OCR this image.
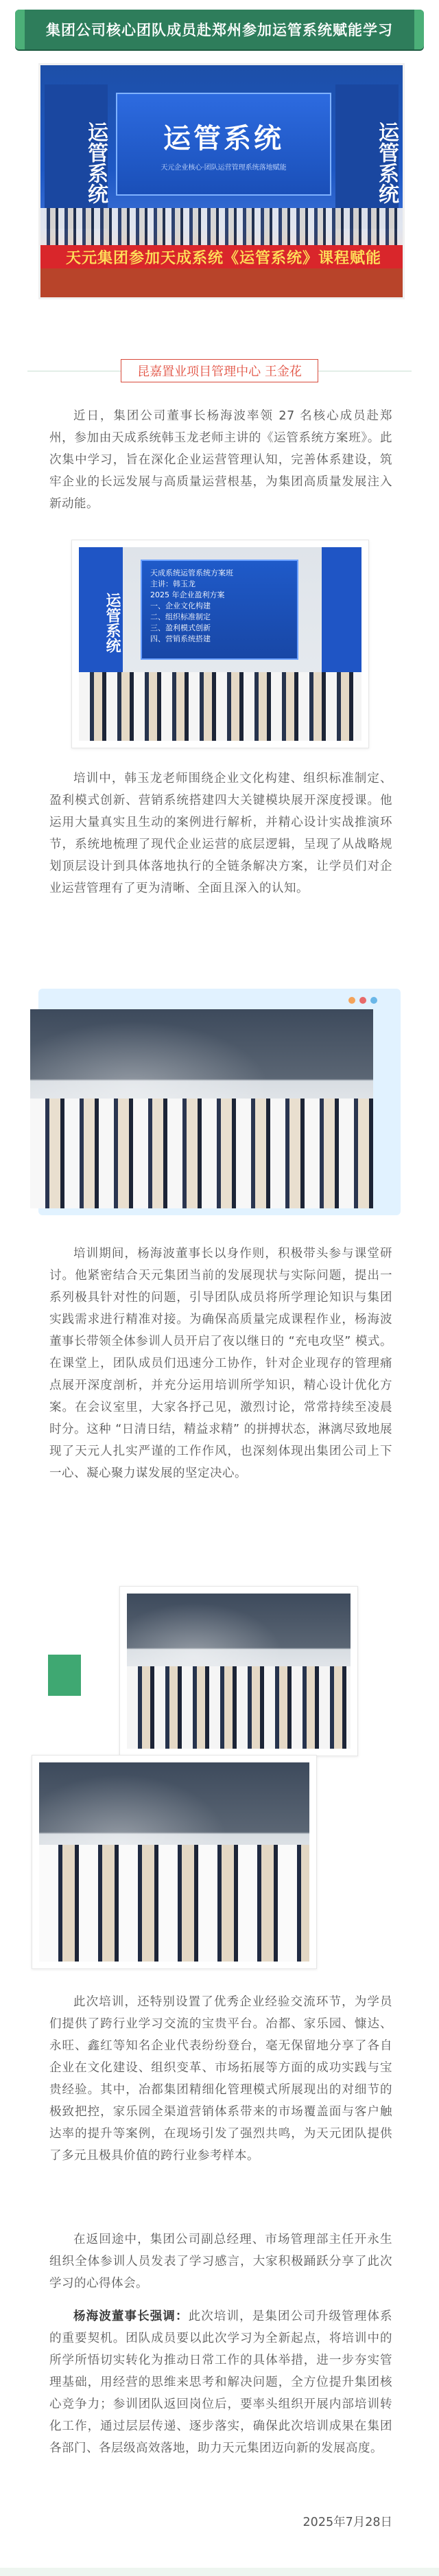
集团公司核心团队成员赴郑州参加运管系统赋能学习
运管系统	运管系统
运管系统
天元企业核心·团队运营管理系统落地赋能
天元集团参加天成系统《运管系统》课程赋能
昆嘉置业项目管理中心 王金花
近日，集团公司董事长杨海波率领 27 名核心成员赴郑州，参加由天成系统韩玉龙老师主讲的《运管系统方案班》。此次集中学习，旨在深化企业运营管理认知，完善体系建设，筑牢企业的长远发展与高质量运营根基，为集团高质量发展注入新动能。
运管系统
天成系统运管系统方案班
主讲：韩玉龙
2025 年企业盈利方案
一、企业文化构建
二、组织标准制定
三、盈利模式创新
四、营销系统搭建
培训中，韩玉龙老师围绕企业文化构建、组织标准制定、盈利模式创新、营销系统搭建四大关键模块展开深度授课。他运用大量真实且生动的案例进行解析，并精心设计实战推演环节，系统地梳理了现代企业运营的底层逻辑，呈现了从战略规划顶层设计到具体落地执行的全链条解决方案，让学员们对企业运营管理有了更为清晰、全面且深入的认知。
培训期间，杨海波董事长以身作则，积极带头参与课堂研讨。他紧密结合天元集团当前的发展现状与实际问题，提出一系列极具针对性的问题，引导团队成员将所学理论知识与集团实践需求进行精准对接。为确保高质量完成课程作业，杨海波董事长带领全体参训人员开启了夜以继日的 “充电攻坚” 模式。在课堂上，团队成员们迅速分工协作，针对企业现存的管理痛点展开深度剖析，并充分运用培训所学知识，精心设计优化方案。在会议室里，大家各抒己见，激烈讨论，常常持续至凌晨时分。这种 “日清日结，精益求精” 的拼搏状态，淋漓尽致地展现了天元人扎实严谨的工作作风，也深刻体现出集团公司上下一心、凝心聚力谋发展的坚定决心。
此次培训，还特别设置了优秀企业经验交流环节，为学员们提供了跨行业学习交流的宝贵平台。冶都、家乐园、慷达、永旺、鑫红等知名企业代表纷纷登台，毫无保留地分享了各自企业在文化建设、组织变革、市场拓展等方面的成功实践与宝贵经验。其中，冶都集团精细化管理模式所展现出的对细节的极致把控，家乐园全渠道营销体系带来的市场覆盖面与客户触达率的提升等案例，在现场引发了强烈共鸣，为天元团队提供了多元且极具价值的跨行业参考样本。
在返回途中，集团公司副总经理、市场管理部主任开永生组织全体参训人员发表了学习感言，大家积极踊跃分享了此次学习的心得体会。
杨海波董事长强调：此次培训，是集团公司升级管理体系的重要契机。团队成员要以此次学习为全新起点，将培训中的所学所悟切实转化为推动日常工作的具体举措，进一步夯实管理基础，用经营的思维来思考和解决问题，全方位提升集团核心竞争力；参训团队返回岗位后，要率头组织开展内部培训转化工作，通过层层传递、逐步落实，确保此次培训成果在集团各部门、各层级高效落地，助力天元集团迈向新的发展高度。
2025年7月28日
